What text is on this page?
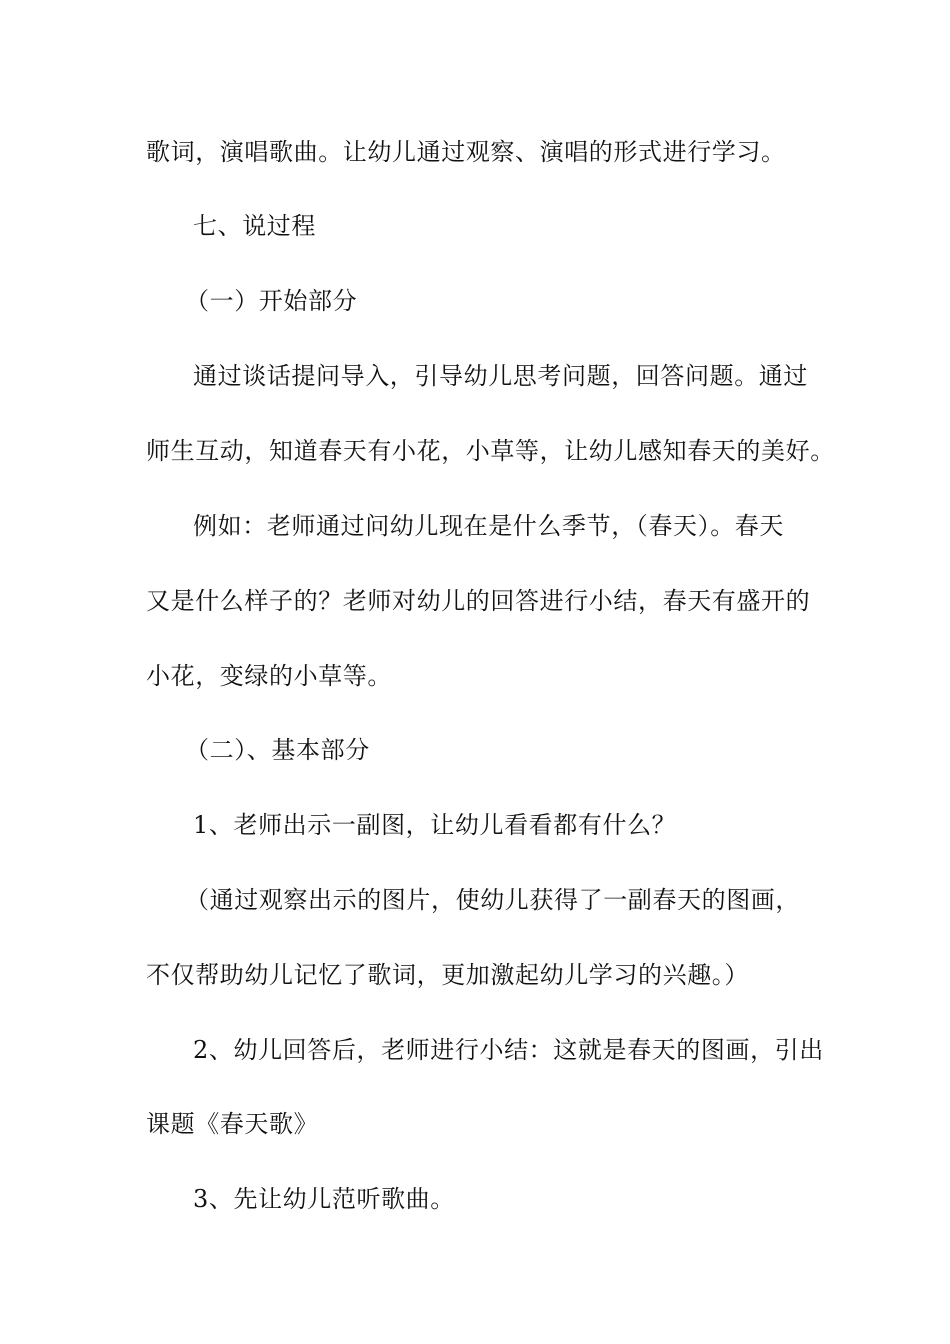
歌词，演唱歌曲。让幼儿通过观察、演唱的形式进行学习。
七、说过程
（一）开始部分
通过谈话提问导入，引导幼儿思考问题，回答问题。通过
师生互动，知道春天有小花，小草等，让幼儿感知春天的美好。
例如：老师通过问幼儿现在是什么季节，（春天）。春天
又是什么样子的？老师对幼儿的回答进行小结，春天有盛开的
小花，变绿的小草等。
（二）、基本部分
1、老师出示一副图，让幼儿看看都有什么？
（通过观察出示的图片，使幼儿获得了一副春天的图画，
不仅帮助幼儿记忆了歌词，更加激起幼儿学习的兴趣。）
2、幼儿回答后，老师进行小结：这就是春天的图画，引出
课题《春天歌》
3、先让幼儿范听歌曲。
